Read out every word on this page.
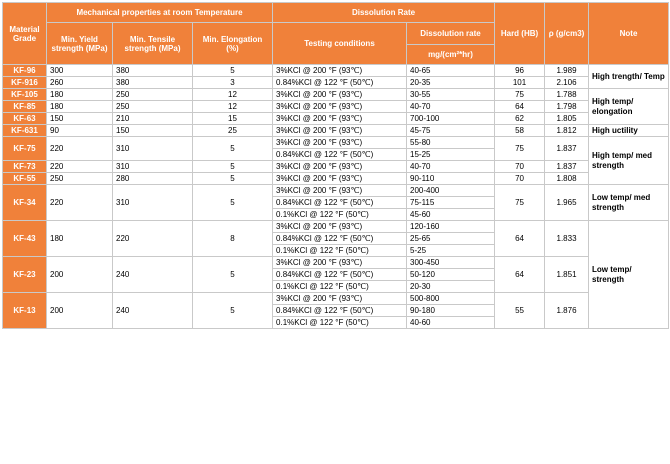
Material Grade	Mechanical properties at room Temperature			Dissolution Rate		Hard (HB)	ρ (g/cm3)	Note
	Min. Yield strength (MPa)	Min. Tensile strength (MPa)	Min. Elongation (%)	Testing conditions	Dissolution rate			
					mg/(cm²*hr)			
KF-96	300	380	5	3%KCl @ 200 °F (93℃)	40-65	96	1.989	High trength/ Temp
KF-916	260	380	3	0.84%KCl @ 122 °F (50℃)	20-35	101	2.106	
KF-105	180	250	12	3%KCl @ 200 °F (93℃)	30-55	75	1.788	High temp/ elongation
KF-85	180	250	12	3%KCl @ 200 °F (93℃)	40-70	64	1.798	
KF-63	150	210	15	3%KCl @ 200 °F (93℃)	700-100	62	1.805	
KF-631	90	150	25	3%KCl @ 200 °F (93℃)	45-75	58	1.812	High uctility
KF-75	220	310	5	3%KCl @ 200 °F (93℃)	55-80	75	1.837	High temp/ med strength
				0.84%KCl @ 122 °F (50℃)	15-25			
KF-73	220	310	5	3%KCl @ 200 °F (93℃)	40-70	70	1.837	
KF-55	250	280	5	3%KCl @ 200 °F (93℃)	90-110	70	1.808	
KF-34	220	310	5	3%KCl @ 200 °F (93℃)	200-400	75	1.965	Low temp/ med strength
				0.84%KCl @ 122 °F (50℃)	75-115			
				0.1%KCl @ 122 °F (50℃)	45-60			
KF-43	180	220	8	3%KCl @ 200 °F (93℃)	120-160	64	1.833	Low temp/ strength
				0.84%KCl @ 122 °F (50℃)	25-65			
				0.1%KCl @ 122 °F (50℃)	5-25			
KF-23	200	240	5	3%KCl @ 200 °F (93℃)	300-450	64	1.851	
				0.84%KCl @ 122 °F (50℃)	50-120			
				0.1%KCl @ 122 °F (50℃)	20-30			
KF-13	200	240	5	3%KCl @ 200 °F (93℃)	500-800	55	1.876	
				0.84%KCl @ 122 °F (50℃)	90-180			
				0.1%KCl @ 122 °F (50℃)	40-60			
